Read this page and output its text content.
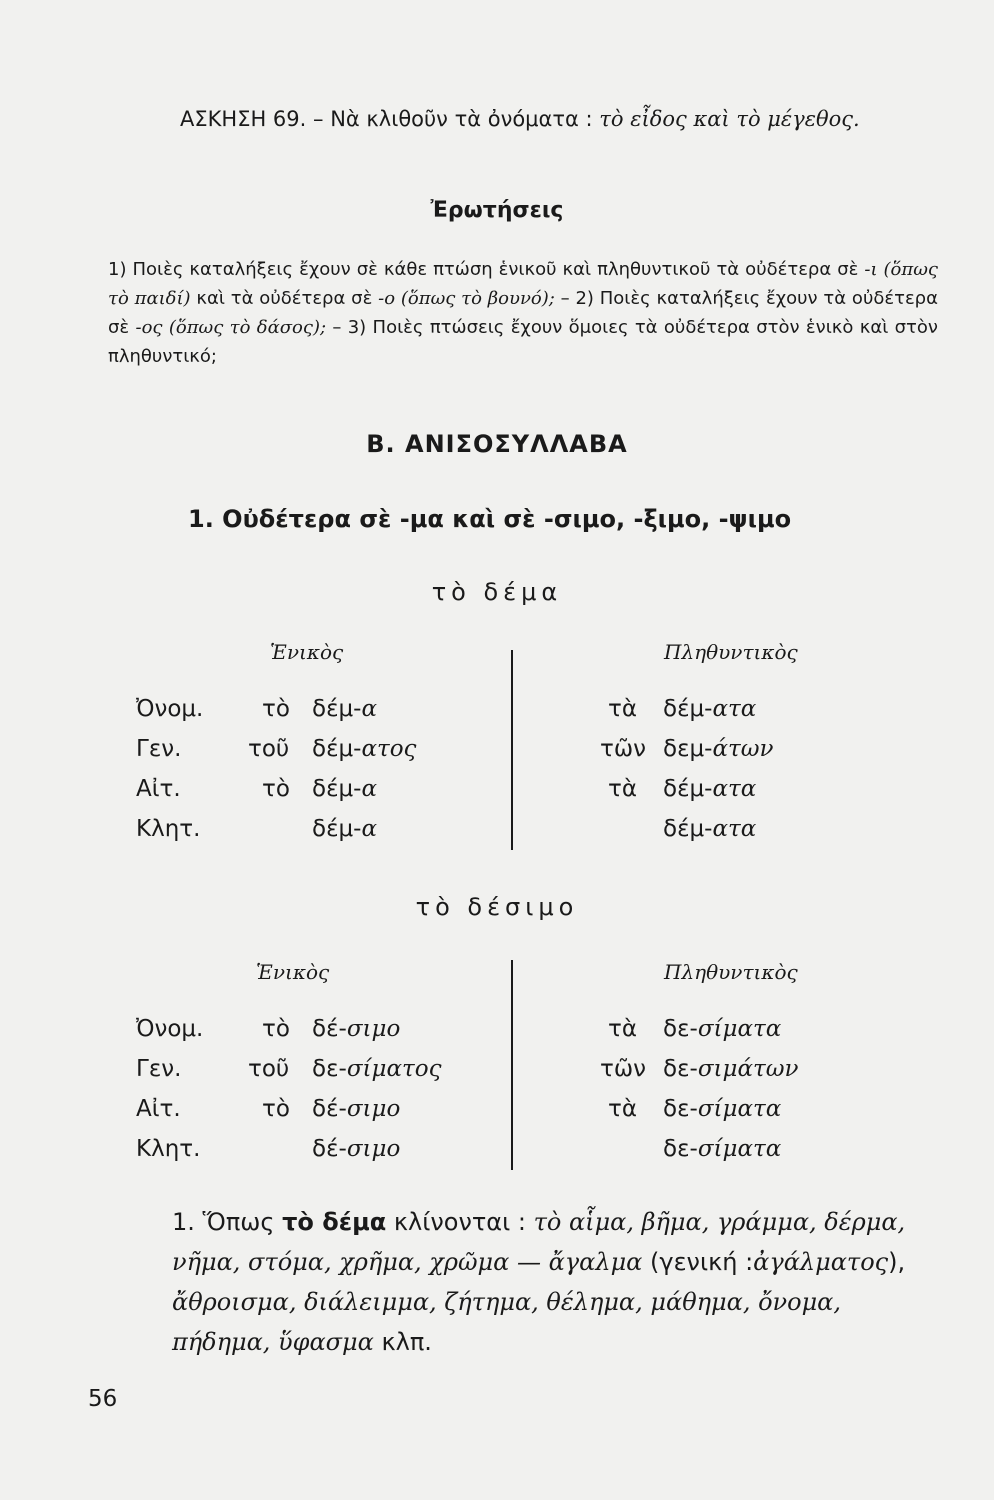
ΑΣΚΗΣΗ 69. – Νὰ κλιθοῦν τὰ ὀνόματα : τὸ εἶδος καὶ τὸ μέγεθος.
Ἐρωτήσεις
1) Ποιὲς καταλήξεις ἔχουν σὲ κάθε πτώση ἑνικοῦ καὶ πληθυντικοῦ τὰ οὐδέτερα σὲ -ι (ὅπως τὸ παιδί) καὶ τὰ οὐδέτερα σὲ -ο (ὅπως τὸ βουνό); – 2) Ποιὲς καταλήξεις ἔχουν τὰ οὐδέτερα σὲ -ος (ὅπως τὸ δάσος); – 3) Ποιὲς πτώσεις ἔχουν ὅμοιες τὰ οὐδέτερα στὸν ἑνικὸ καὶ στὸν πληθυντικό;
Β. ΑΝΙΣΟΣΥΛΛΑΒΑ
1. Οὐδέτερα σὲ -μα καὶ σὲ -σιμο, -ξιμο, -ψιμο
τὸ δέμα
Ἑνικὸς	Πληθυντικὸς
Ὀνομ.	τὸ δέμ-α	τὰ δέμ-ατα
Γεν.	τοῦ δέμ-ατος	τῶν δεμ-άτων
Αἰτ.	τὸ δέμ-α	τὰ δέμ-ατα
Κλητ.	δέμ-α	δέμ-ατα
τὸ δέσιμο
Ἑνικὸς	Πληθυντικὸς
Ὀνομ.	τὸ δέ-σιμο	τὰ δε-σίματα
Γεν.	τοῦ δε-σίματος	τῶν δε-σιμάτων
Αἰτ.	τὸ δέ-σιμο	τὰ δε-σίματα
Κλητ.	δέ-σιμο	δε-σίματα
1. Ὅπως τὸ δέμα κλίνονται : τὸ αἷμα, βῆμα, γράμμα, δέρμα, νῆμα, στόμα, χρῆμα, χρῶμα — ἄγαλμα (γενική :ἀγάλματος), ἄθροισμα, διάλειμμα, ζήτημα, θέλημα, μάθημα, ὄνομα, πήδημα, ὕφασμα κλπ.
56
